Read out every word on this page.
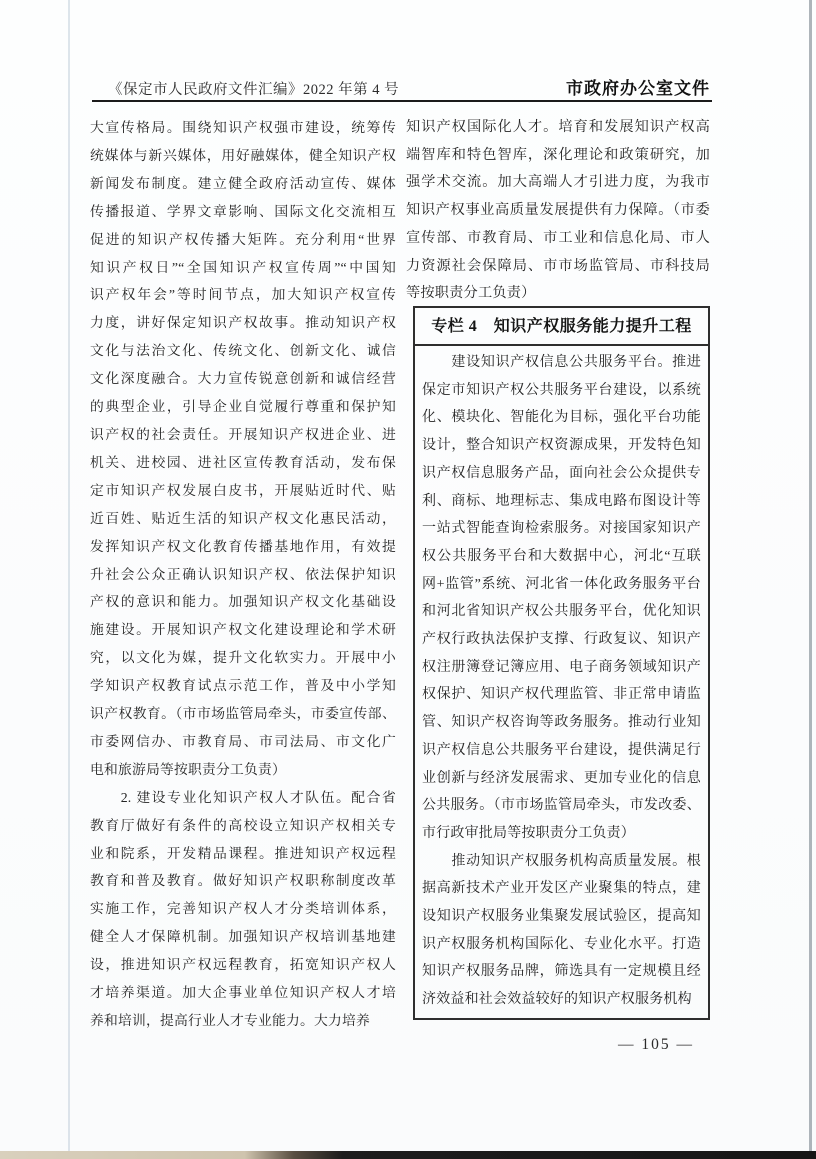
《保定市人民政府文件汇编》2022 年第 4 号	市政府办公室文件
大宣传格局。围绕知识产权强市建设，统筹传
统媒体与新兴媒体，用好融媒体，健全知识产权
新闻发布制度。建立健全政府活动宣传、媒体
传播报道、学界文章影响、国际文化交流相互
促进的知识产权传播大矩阵。充分利用“世界
知识产权日”“全国知识产权宣传周”“中国知
识产权年会”等时间节点，加大知识产权宣传
力度，讲好保定知识产权故事。推动知识产权
文化与法治文化、传统文化、创新文化、诚信
文化深度融合。大力宣传锐意创新和诚信经营
的典型企业，引导企业自觉履行尊重和保护知
识产权的社会责任。开展知识产权进企业、进
机关、进校园、进社区宣传教育活动，发布保
定市知识产权发展白皮书，开展贴近时代、贴
近百姓、贴近生活的知识产权文化惠民活动，
发挥知识产权文化教育传播基地作用，有效提
升社会公众正确认识知识产权、依法保护知识
产权的意识和能力。加强知识产权文化基础设
施建设。开展知识产权文化建设理论和学术研
究，以文化为媒，提升文化软实力。开展中小
学知识产权教育试点示范工作，普及中小学知
识产权教育。（市市场监管局牵头，市委宣传部、
市委网信办、市教育局、市司法局、市文化广
电和旅游局等按职责分工负责）
　　2. 建设专业化知识产权人才队伍。配合省
教育厅做好有条件的高校设立知识产权相关专
业和院系，开发精品课程。推进知识产权远程
教育和普及教育。做好知识产权职称制度改革
实施工作，完善知识产权人才分类培训体系，
健全人才保障机制。加强知识产权培训基地建
设，推进知识产权远程教育，拓宽知识产权人
才培养渠道。加大企事业单位知识产权人才培
养和培训，提高行业人才专业能力。大力培养
知识产权国际化人才。培育和发展知识产权高
端智库和特色智库，深化理论和政策研究，加
强学术交流。加大高端人才引进力度，为我市
知识产权事业高质量发展提供有力保障。（市委
宣传部、市教育局、市工业和信息化局、市人
力资源社会保障局、市市场监管局、市科技局
等按职责分工负责）
专栏 4　知识产权服务能力提升工程
　　建设知识产权信息公共服务平台。推进
保定市知识产权公共服务平台建设，以系统
化、模块化、智能化为目标，强化平台功能
设计，整合知识产权资源成果，开发特色知
识产权信息服务产品，面向社会公众提供专
利、商标、地理标志、集成电路布图设计等
一站式智能查询检索服务。对接国家知识产
权公共服务平台和大数据中心，河北“互联
网+监管”系统、河北省一体化政务服务平台
和河北省知识产权公共服务平台，优化知识
产权行政执法保护支撑、行政复议、知识产
权注册簿登记簿应用、电子商务领域知识产
权保护、知识产权代理监管、非正常申请监
管、知识产权咨询等政务服务。推动行业知
识产权信息公共服务平台建设，提供满足行
业创新与经济发展需求、更加专业化的信息
公共服务。（市市场监管局牵头，市发改委、
市行政审批局等按职责分工负责）
　　推动知识产权服务机构高质量发展。根
据高新技术产业开发区产业聚集的特点，建
设知识产权服务业集聚发展试验区，提高知
识产权服务机构国际化、专业化水平。打造
知识产权服务品牌，筛选具有一定规模且经
济效益和社会效益较好的知识产权服务机构
— 105 —
